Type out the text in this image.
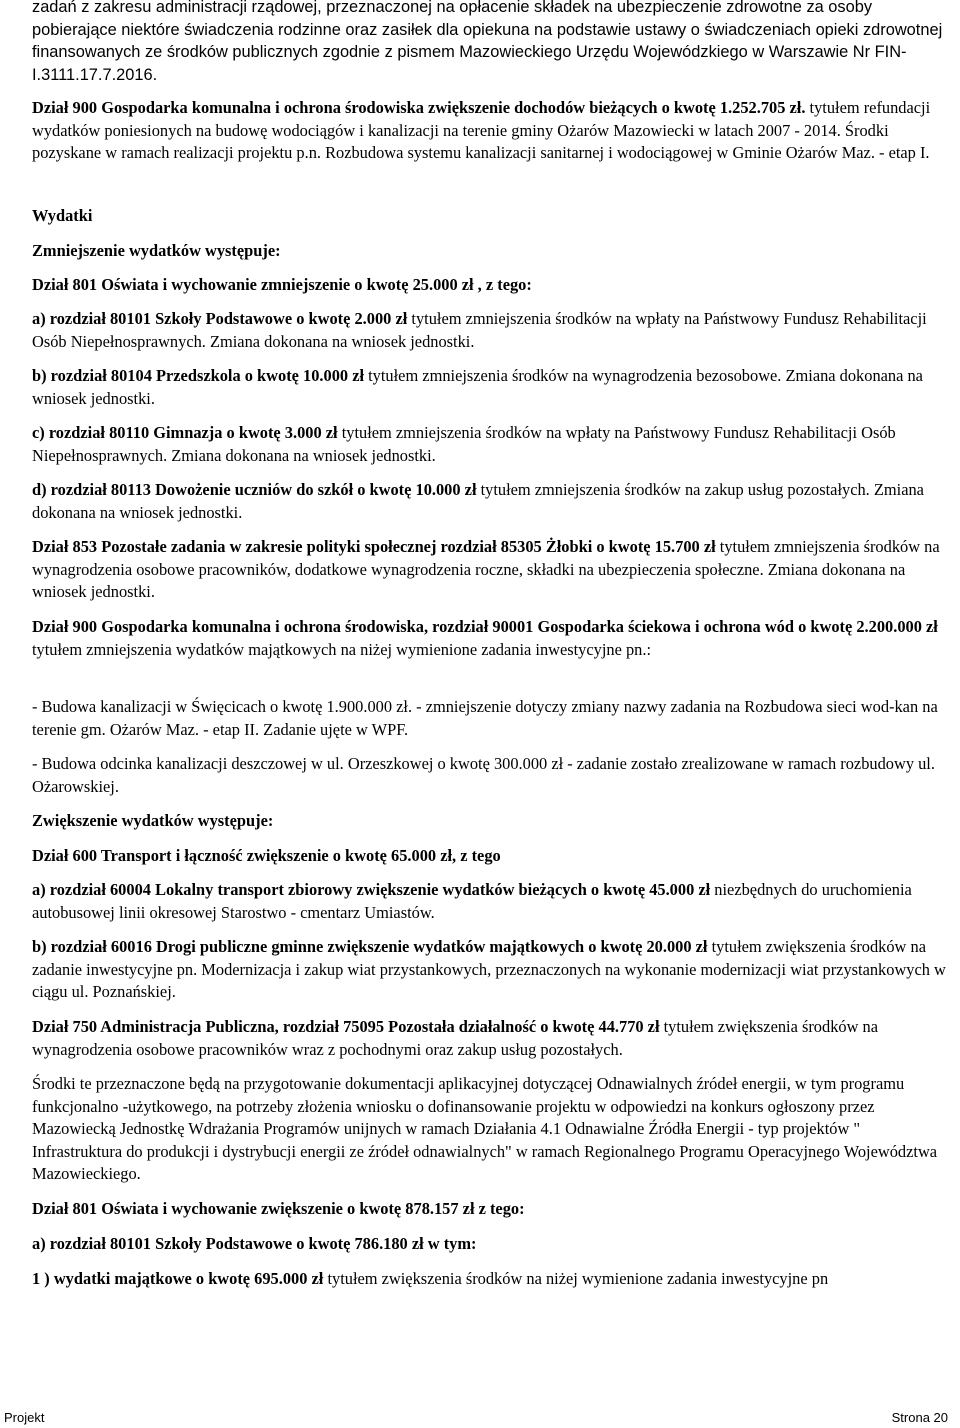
zadań z zakresu administracji rządowej, przeznaczonej na opłacenie składek na ubezpieczenie zdrowotne za osoby pobierające niektóre świadczenia rodzinne oraz zasiłek dla opiekuna na podstawie ustawy o świadczeniach opieki zdrowotnej finansowanych ze środków publicznych zgodnie z pismem Mazowieckiego Urzędu Wojewódzkiego w Warszawie Nr FIN-I.3111.17.7.2016.

Dział 900 Gospodarka komunalna i ochrona środowiska zwiększenie dochodów bieżących o kwotę 1.252.705 zł. tytułem refundacji wydatków poniesionych na budowę wodociągów i kanalizacji na terenie gminy Ożarów Mazowiecki w latach 2007 - 2014. Środki pozyskane w ramach realizacji projektu p.n. Rozbudowa systemu kanalizacji sanitarnej i wodociągowej w Gminie Ożarów Maz. - etap I.

Wydatki

Zmniejszenie wydatków występuje:

Dział 801 Oświata i wychowanie zmniejszenie o kwotę 25.000 zł , z tego:

a) rozdział 80101 Szkoły Podstawowe o kwotę 2.000 zł tytułem zmniejszenia środków na wpłaty na Państwowy Fundusz Rehabilitacji Osób Niepełnosprawnych. Zmiana dokonana na wniosek jednostki.

b) rozdział 80104 Przedszkola o kwotę 10.000 zł tytułem zmniejszenia środków na wynagrodzenia bezosobowe. Zmiana dokonana na wniosek jednostki.

c) rozdział 80110 Gimnazja o kwotę 3.000 zł tytułem zmniejszenia środków na wpłaty na Państwowy Fundusz Rehabilitacji Osób Niepełnosprawnych. Zmiana dokonana na wniosek jednostki.

d) rozdział 80113 Dowożenie uczniów do szkół o kwotę 10.000 zł tytułem zmniejszenia środków na zakup usług pozostałych. Zmiana dokonana na wniosek jednostki.

Dział 853 Pozostałe zadania w zakresie polityki społecznej rozdział 85305 Żłobki o kwotę 15.700 zł tytułem zmniejszenia środków na wynagrodzenia osobowe pracowników, dodatkowe wynagrodzenia roczne, składki na ubezpieczenia społeczne. Zmiana dokonana na wniosek jednostki.

Dział 900 Gospodarka komunalna i ochrona środowiska, rozdział 90001 Gospodarka ściekowa i ochrona wód o kwotę 2.200.000 zł tytułem zmniejszenia wydatków majątkowych na niżej wymienione zadania inwestycyjne pn.:

- Budowa kanalizacji w Święcicach o kwotę 1.900.000 zł. - zmniejszenie dotyczy zmiany nazwy zadania na Rozbudowa sieci wod-kan na terenie gm. Ożarów Maz. - etap II. Zadanie ujęte w WPF.

- Budowa odcinka kanalizacji deszczowej w ul. Orzeszkowej o kwotę 300.000 zł - zadanie zostało zrealizowane w ramach rozbudowy ul. Ożarowskiej.

Zwiększenie wydatków występuje:

Dział 600 Transport i łączność zwiększenie o kwotę 65.000 zł, z tego

a) rozdział 60004 Lokalny transport zbiorowy zwiększenie wydatków bieżących o kwotę 45.000 zł niezbędnych do uruchomienia autobusowej linii okresowej Starostwo - cmentarz Umiastów.

b) rozdział 60016 Drogi publiczne gminne zwiększenie wydatków majątkowych o kwotę 20.000 zł tytułem zwiększenia środków na zadanie inwestycyjne pn. Modernizacja i zakup wiat przystankowych, przeznaczonych na wykonanie modernizacji wiat przystankowych w ciągu ul. Poznańskiej.

Dział 750 Administracja Publiczna, rozdział 75095 Pozostała działalność o kwotę 44.770 zł tytułem zwiększenia środków na wynagrodzenia osobowe pracowników wraz z pochodnymi oraz zakup usług pozostałych.

Środki te przeznaczone będą na przygotowanie dokumentacji aplikacyjnej dotyczącej Odnawialnych źródeł energii, w tym programu funkcjonalno -użytkowego, na potrzeby złożenia wniosku o dofinansowanie projektu w odpowiedzi na konkurs ogłoszony przez Mazowiecką Jednostkę Wdrażania Programów unijnych w ramach Działania 4.1 Odnawialne Źródła Energii - typ projektów " Infrastruktura do produkcji i dystrybucji energii ze źródeł odnawialnych" w ramach Regionalnego Programu Operacyjnego Województwa Mazowieckiego.

Dział 801 Oświata i wychowanie zwiększenie o kwotę 878.157 zł z tego:

a) rozdział 80101 Szkoły Podstawowe o kwotę 786.180 zł w tym:

1 ) wydatki majątkowe o kwotę 695.000 zł tytułem zwiększenia środków na niżej wymienione zadania inwestycyjne pn

Projekt	Strona 20
